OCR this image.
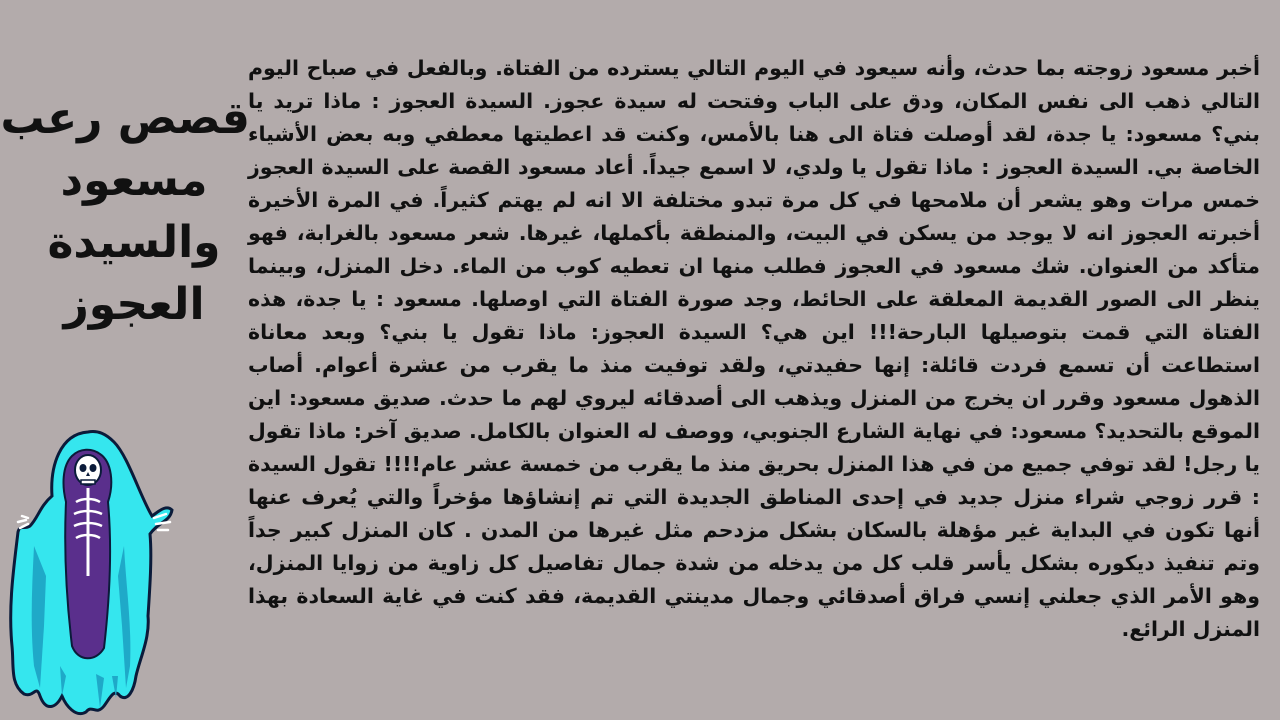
قصص رعب
مسعود
والسيدة
العجوز

أخبر مسعود زوجته بما حدث، وأنه سيعود في اليوم التالي يسترده من الفتاة. وبالفعل في صباح اليوم التالي ذهب الى نفس المكان، ودق على الباب وفتحت له سيدة عجوز. السيدة العجوز : ماذا تريد يا بني؟ مسعود: يا جدة، لقد أوصلت فتاة الى هنا بالأمس، وكنت قد اعطيتها معطفي وبه بعض الأشياء الخاصة بي. السيدة العجوز : ماذا تقول يا ولدي، لا اسمع جيداً. أعاد مسعود القصة على السيدة العجوز خمس مرات وهو يشعر أن ملامحها في كل مرة تبدو مختلفة الا انه لم يهتم كثيراً. في المرة الأخيرة أخبرته العجوز انه لا يوجد من يسكن في البيت، والمنطقة بأكملها، غيرها. شعر مسعود بالغرابة، فهو متأكد من العنوان. شك مسعود في العجوز فطلب منها ان تعطيه كوب من الماء. دخل المنزل، وبينما ينظر الى الصور القديمة المعلقة على الحائط، وجد صورة الفتاة التي اوصلها. مسعود : يا جدة، هذه الفتاة التي قمت بتوصيلها البارحة!!! اين هي؟ السيدة العجوز: ماذا تقول يا بني؟ وبعد معاناة استطاعت أن تسمع فردت قائلة: إنها حفيدتي، ولقد توفيت منذ ما يقرب من عشرة أعوام. أصاب الذهول مسعود وقرر ان يخرج من المنزل ويذهب الى أصدقائه ليروي لهم ما حدث. صديق مسعود: اين الموقع بالتحديد؟ مسعود: في نهاية الشارع الجنوبي، ووصف له العنوان بالكامل. صديق آخر: ماذا تقول يا رجل! لقد توفي جميع من في هذا المنزل بحريق منذ ما يقرب من خمسة عشر عام!!!! تقول السيدة : قرر زوجي شراء منزل جديد في إحدى المناطق الجديدة التي تم إنشاؤها مؤخراً والتي يُعرف عنها أنها تكون في البداية غير مؤهلة بالسكان بشكل مزدحم مثل غيرها من المدن . كان المنزل كبير جداً وتم تنفيذ ديكوره بشكل يأسر قلب كل من يدخله من شدة جمال تفاصيل كل زاوية من زوايا المنزل، وهو الأمر الذي جعلني إنسي فراق أصدقائي وجمال مدينتي القديمة، فقد كنت في غاية السعادة بهذا المنزل الرائع.
